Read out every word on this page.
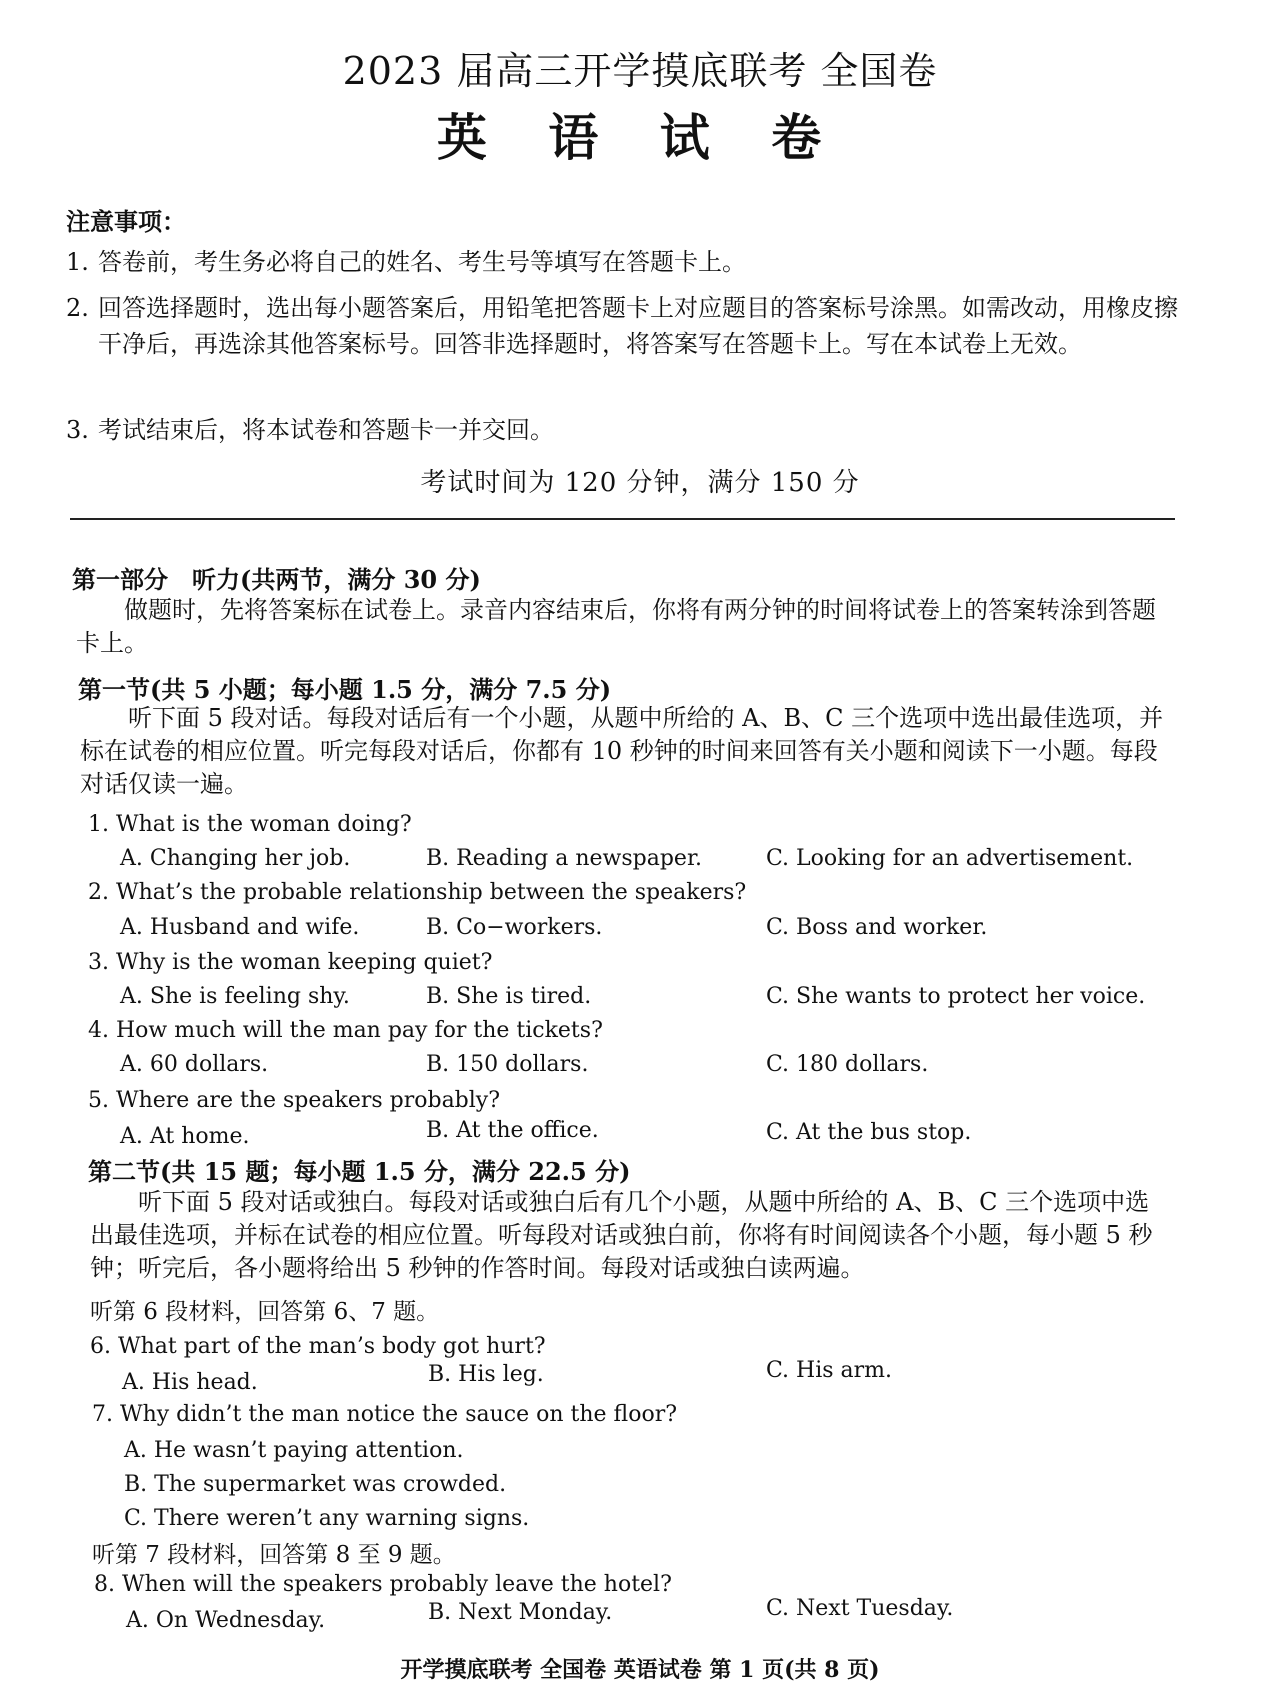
2023 届高三开学摸底联考 全国卷
英 语 试 卷
注意事项：
1. 答卷前，考生务必将自己的姓名、考生号等填写在答题卡上。
2. 回答选择题时，选出每小题答案后，用铅笔把答题卡上对应题目的答案标号涂黑。如需改动，用橡皮擦干净后，再选涂其他答案标号。回答非选择题时，将答案写在答题卡上。写在本试卷上无效。
3. 考试结束后，将本试卷和答题卡一并交回。
考试时间为 120 分钟，满分 150 分
第一部分　听力(共两节，满分 30 分)
做题时，先将答案标在试卷上。录音内容结束后，你将有两分钟的时间将试卷上的答案转涂到答题卡上。
第一节(共 5 小题；每小题 1.5 分，满分 7.5 分)
听下面 5 段对话。每段对话后有一个小题，从题中所给的 A、B、C 三个选项中选出最佳选项，并标在试卷的相应位置。听完每段对话后，你都有 10 秒钟的时间来回答有关小题和阅读下一小题。每段对话仅读一遍。
1. What is the woman doing?
A. Changing her job.	B. Reading a newspaper.	C. Looking for an advertisement.
2. What’s the probable relationship between the speakers?
A. Husband and wife.	B. Co−workers.	C. Boss and worker.
3. Why is the woman keeping quiet?
A. She is feeling shy.	B. She is tired.	C. She wants to protect her voice.
4. How much will the man pay for the tickets?
A. 60 dollars.	B. 150 dollars.	C. 180 dollars.
5. Where are the speakers probably?
A. At home.	B. At the office.	C. At the bus stop.
第二节(共 15 题；每小题 1.5 分，满分 22.5 分)
听下面 5 段对话或独白。每段对话或独白后有几个小题，从题中所给的 A、B、C 三个选项中选出最佳选项，并标在试卷的相应位置。听每段对话或独白前，你将有时间阅读各个小题，每小题 5 秒钟；听完后，各小题将给出 5 秒钟的作答时间。每段对话或独白读两遍。
听第 6 段材料，回答第 6、7 题。
6. What part of the man’s body got hurt?
A. His head.	B. His leg.	C. His arm.
7. Why didn’t the man notice the sauce on the floor?
A. He wasn’t paying attention.
B. The supermarket was crowded.
C. There weren’t any warning signs.
听第 7 段材料，回答第 8 至 9 题。
8. When will the speakers probably leave the hotel?
A. On Wednesday.	B. Next Monday.	C. Next Tuesday.
开学摸底联考 全国卷 英语试卷 第 1 页(共 8 页)
